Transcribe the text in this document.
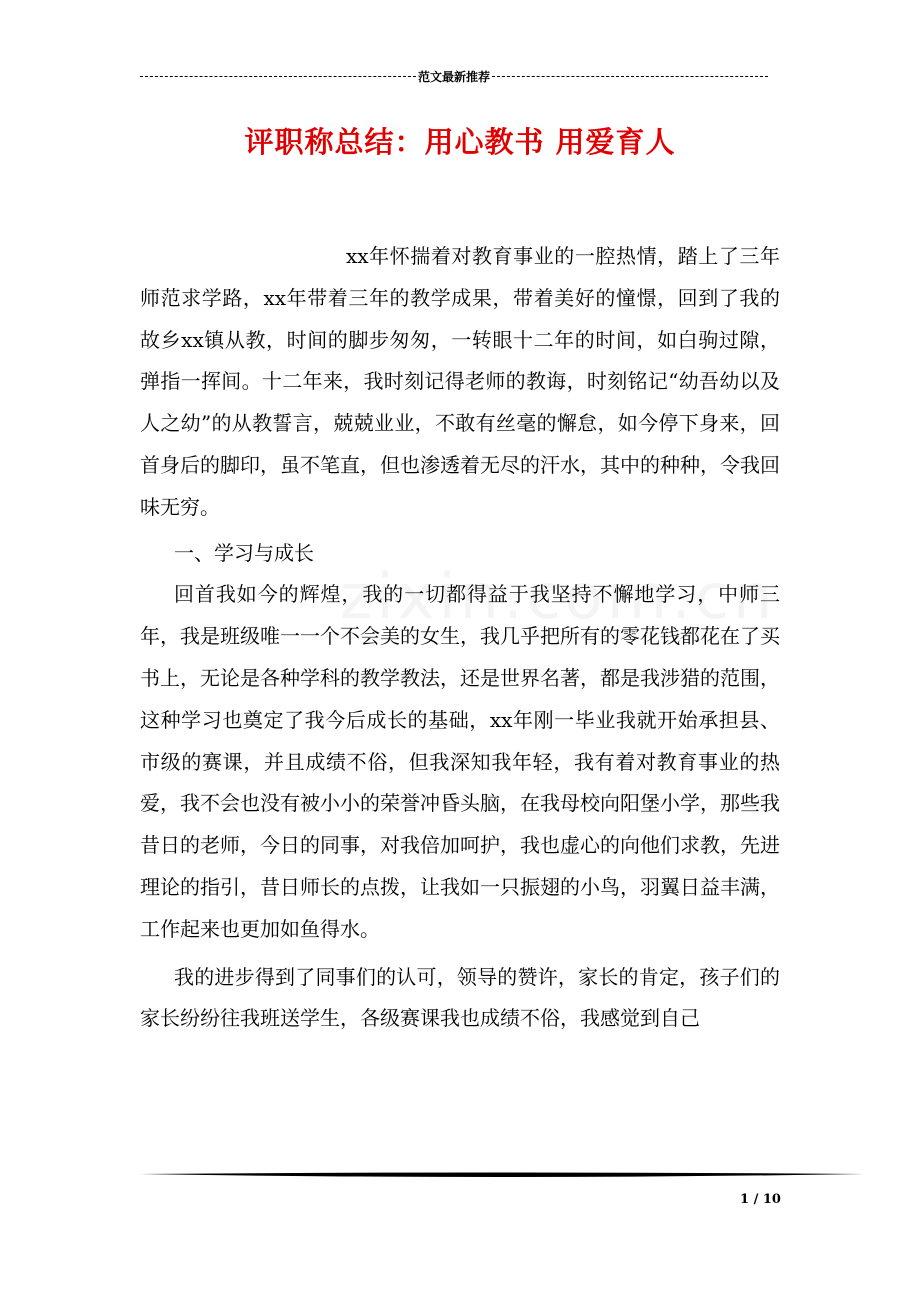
范文最新推荐
评职称总结：用心教书 用爱育人

xx年怀揣着对教育事业的一腔热情，踏上了三年师范求学路，xx年带着三年的教学成果，带着美好的憧憬，回到了我的故乡xx镇从教，时间的脚步匆匆，一转眼十二年的时间，如白驹过隙，弹指一挥间。十二年来，我时刻记得老师的教诲，时刻铭记“幼吾幼以及人之幼”的从教誓言，兢兢业业，不敢有丝毫的懈怠，如今停下身来，回首身后的脚印，虽不笔直，但也渗透着无尽的汗水，其中的种种，令我回味无穷。

一、学习与成长

回首我如今的辉煌，我的一切都得益于我坚持不懈地学习，中师三年，我是班级唯一一个不会美的女生，我几乎把所有的零花钱都花在了买书上，无论是各种学科的教学教法，还是世界名著，都是我涉猎的范围，这种学习也奠定了我今后成长的基础，xx年刚一毕业我就开始承担县、市级的赛课，并且成绩不俗，但我深知我年轻，我有着对教育事业的热爱，我不会也没有被小小的荣誉冲昏头脑，在我母校向阳堡小学，那些我昔日的老师，今日的同事，对我倍加呵护，我也虚心的向他们求教，先进理论的指引，昔日师长的点拨，让我如一只振翅的小鸟，羽翼日益丰满，工作起来也更加如鱼得水。

我的进步得到了同事们的认可，领导的赞许，家长的肯定，孩子们的家长纷纷往我班送学生，各级赛课我也成绩不俗，我感觉到自己

1 / 10
